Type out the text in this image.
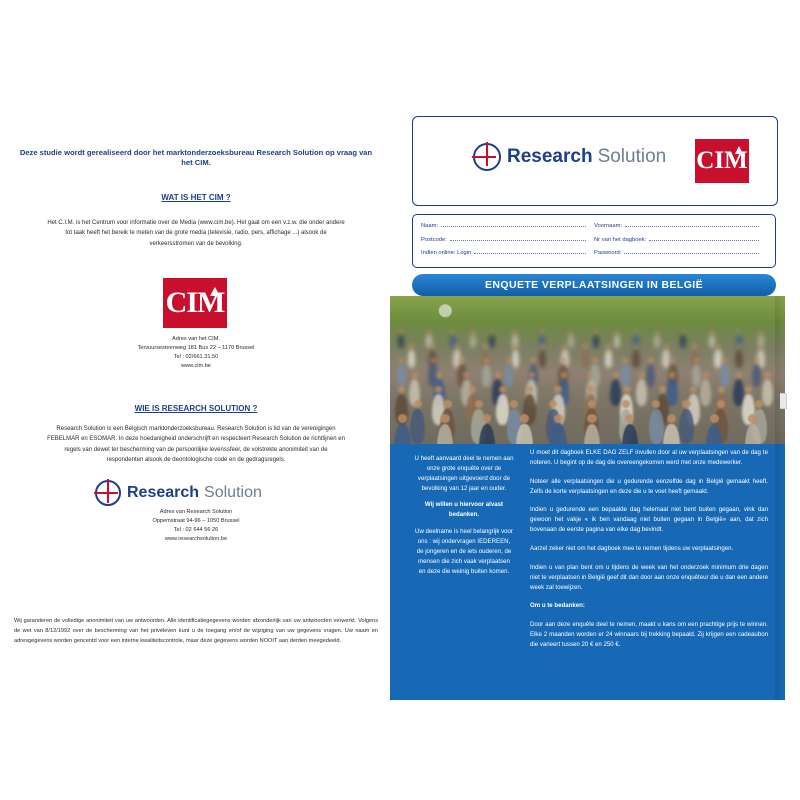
Deze studie wordt gerealiseerd door het marktonderzoeksbureau Research Solution op vraag van het CIM.
WAT IS HET CIM ?
Het C.I.M. is het Centrum voor informatie over de Media (www.cim.be). Het gaat om een v.z.w. die onder andere tot taak heeft het bereik te meten van de grote media (televisie, radio, pers, affichage ...) alsook de verkeersstromen van de bevolking.
CIM
Adres van het CIM.
Tervuursesteenweg 181 Bus 22 – 1170 Brussel
Tel : 02/661.31.50
www.cim.be
WIE IS RESEARCH SOLUTION ?
Research Solution is een Belgisch marktonderzoeksbureau. Research Solution is lid van de verenigingen FEBELMAR en ESOMAR. In deze hoedanigheid onderschrijft en respecteert Research Solution de richtlijnen en regels van dewet ter bescherming van de persoonlijke levenssfeer, de volstrekte anonimiteit van de respondenten alsook de deontologische code en de gedragsregels.
Research Solution
Adres van Research Solution
Oppemstraat 94-96 – 1050 Brussel
Tel : 02 644 56 26
www.researchsolution.be
Wij garanderen de volledige anonimiteit van uw antwoorden. Alle identificatiegegevens worden afzonderlijk van uw antwoorden verwerkt. Volgens de wet van 8/12/1992 over de bescherming van het privéleven kunt u de toegang en/of de wijziging van uw gegevens vragen. Uw naam en adresgegevens worden gencentd voor een interne kwaliteitscontrole, maar deze gegevens worden NOOIT aan derden meegedeeld.
Research Solution CIM
Naam:	Voornaam:
Postcode:	Nr van het dagboek:
Indien online: Login	Paswoord:
ENQUETE VERPLAATSINGEN IN BELGIË
U heeft aanvaard deel te nemen aan onze grote enquête over de verplaatsingen uitgevoerd door de bevolking van 12 jaar en ouder.
Wij willen u hiervoor alvast bedanken.
Uw deelname is heel belangrijk voor ons : wij ondervragen IEDEREEN, de jongeren en de iets ouderen, de mensen die zich vaak verplaatsen en deze die weinig buiten komen.

U moet dit dagboek ELKE DAG ZELF invullen door al uw verplaatsingen van de dag te noteren. U begint op de dag die overeengekomen werd met onze medewerker.

Noteer alle verplaatsingen die u gedurende eenzelfde dag in België gemaakt heeft. Zelfs de korte verplaatsingen en deze die u te voet heeft gemaakt.

Indien u gedurende een bepaalde dag helemaal niet bent buiten gegaan, vink dan gewoon het vakje « ik ben vandaag niet buiten gegaan in België» aan, dat zich bovenaan de eerste pagina van elke dag bevindt.

Aarzel zeker niet om het dagboek mee te nemen tijdens uw verplaatsingen.

Indien u van plan bent om u tijdens de week van het onderzoek minimum drie dagen niet te verplaatsen in België geef dit dan door aan onze enquêteur die u dan een andere week zal toewijzen.

Om u te bedanken:

Door aan deze enquête deel te nemen, maakt u kans om een prachtige prijs te winnen. Elke 2 maanden worden er 24 winnaars bij trekking bepaald. Zij krijgen een cadeaubon die varieert tussen 20 € en 250 €.
